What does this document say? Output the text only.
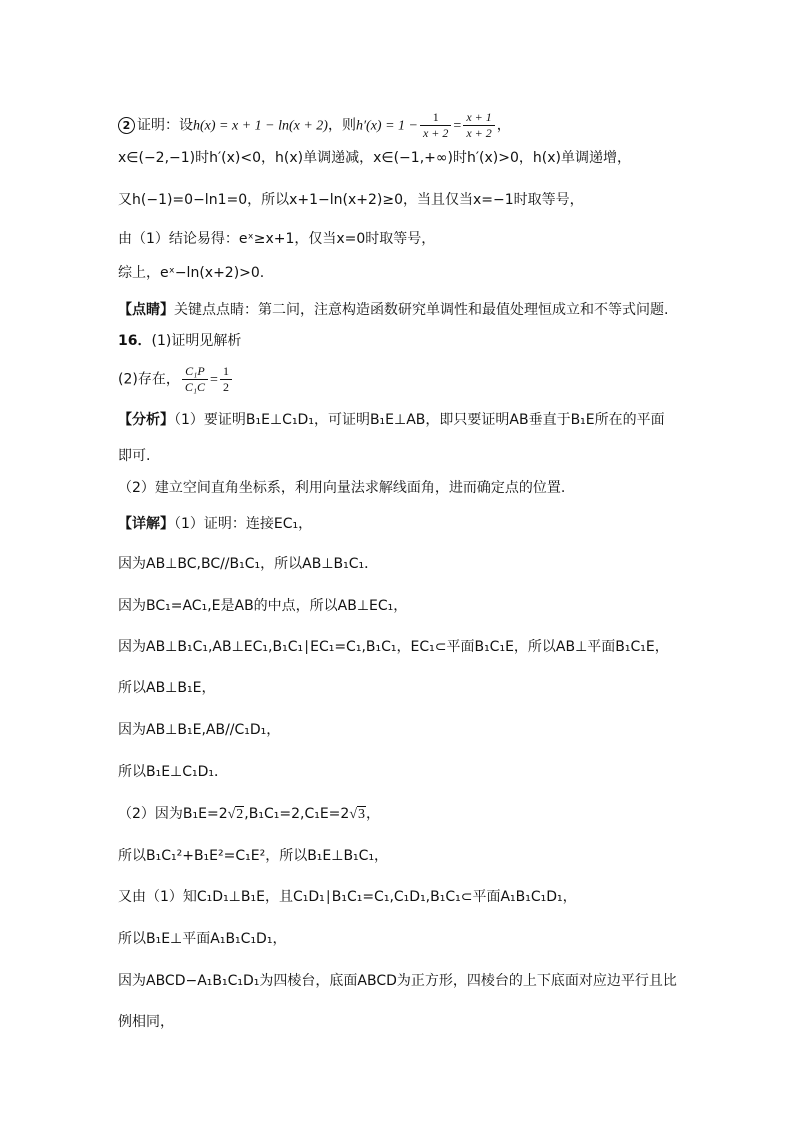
2 证明：设h(x) = x + 1 − ln(x + 2)，则$h'(x) = 1 - \frac{1}{x + 2} = \frac{x + 1}{x + 2}$ ，
x∈(−2,−1)时h′(x)<0，h(x)单调递减，x∈(−1,+∞)时h′(x)>0，h(x)单调递增，
又h(−1)=0−ln1=0，所以x+1−ln(x+2)≥0，当且仅当x=−1时取等号，
由（1）结论易得：eˣ≥x+1，仅当x=0时取等号，
综上，eˣ−ln(x+2)>0.
【点睛】关键点点睛：第二问，注意构造函数研究单调性和最值处理恒成立和不等式问题.
16．(1)证明见解析
(2)存在， $\frac{\text{C₁P}}{\text{C₁C}} = \frac{1}{2}$
【分析】（1）要证明B₁E⊥C₁D₁，可证明B₁E⊥AB，即只要证明AB垂直于B₁E所在的平面
即可.
（2）建立空间直角坐标系，利用向量法求解线面角，进而确定点的位置.
【详解】（1）证明：连接EC₁，
因为AB⊥BC,BC//B₁C₁，所以AB⊥B₁C₁．
因为BC₁=AC₁,E是AB的中点，所以AB⊥EC₁，
因为AB⊥B₁C₁,AB⊥EC₁,B₁C₁∣EC₁=C₁,B₁C₁，EC₁⊂平面B₁C₁E，所以AB⊥平面B₁C₁E，
所以AB⊥B₁E，
因为AB⊥B₁E,AB//C₁D₁，
所以B₁E⊥C₁D₁．
（2）因为B₁E=2√2,B₁C₁=2,C₁E=2√3，
所以B₁C₁²+B₁E²=C₁E²，所以B₁E⊥B₁C₁，
又由（1）知C₁D₁⊥B₁E，且C₁D₁∣B₁C₁=C₁,C₁D₁,B₁C₁⊂平面A₁B₁C₁D₁，
所以B₁E⊥平面A₁B₁C₁D₁，
因为ABCD−A₁B₁C₁D₁为四棱台，底面ABCD为正方形，四棱台的上下底面对应边平行且比
例相同，
